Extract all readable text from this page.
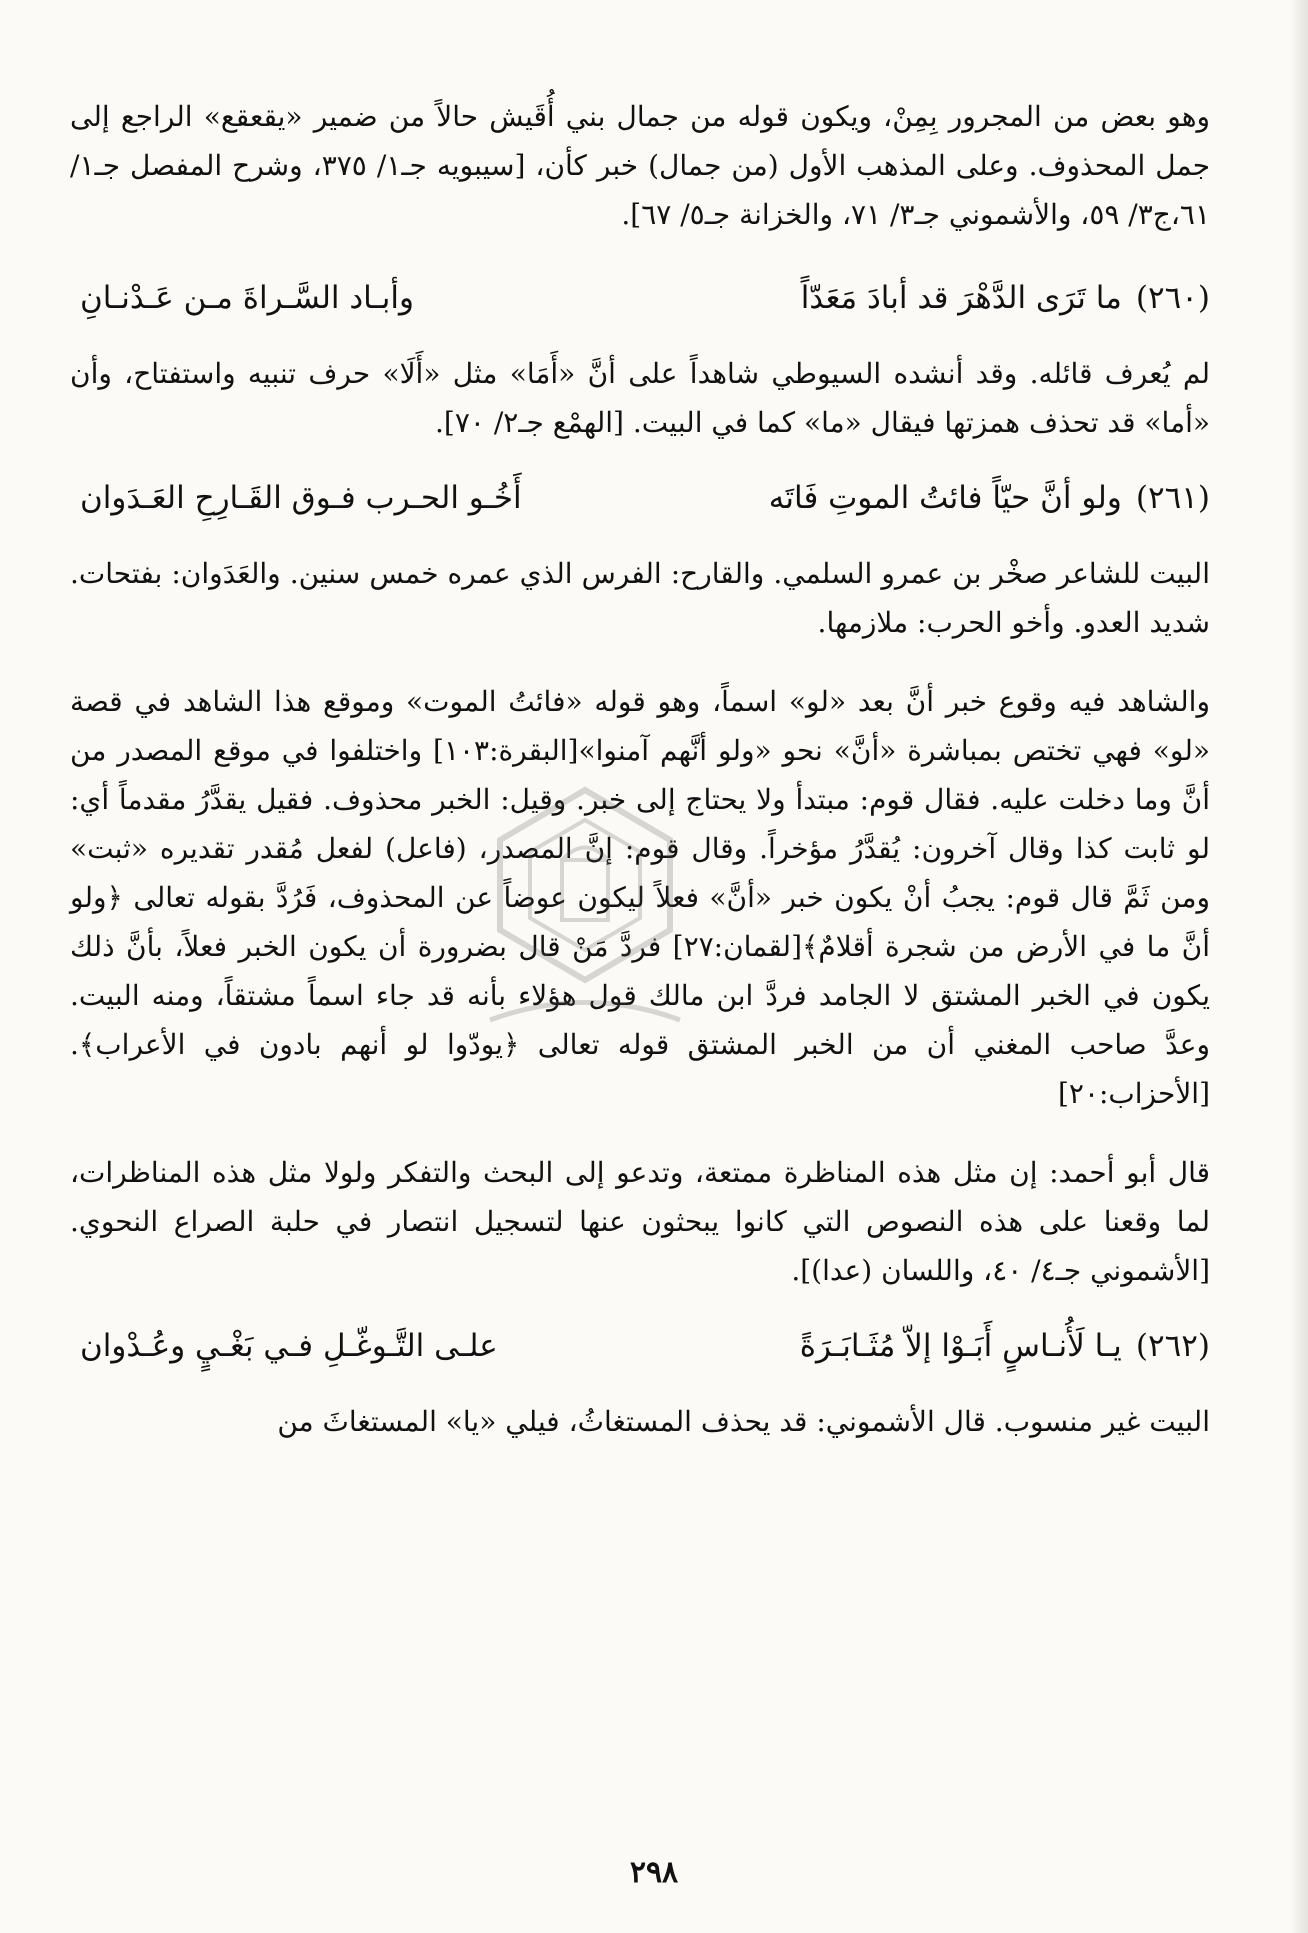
وهو بعض من المجرور بِمِنْ، ويكون قوله من جمال بني أُقَيش حالاً من ضمير «يقعقع» الراجع إلى جمل المحذوف. وعلى المذهب الأول (من جمال) خبر كأن، [سيبويه جـ١/ ٣٧٥، وشرح المفصل جـ١/ ٦١،ج٣/ ٥٩، والأشموني جـ٣/ ٧١، والخزانة جـ٥/ ٦٧].

(٢٦٠)
ما تَرَى الدَّهْرَ قد أبادَ مَعَدّاً
وأبـاد السَّـراةَ مـن عَـدْنـانِ

لم يُعرف قائله. وقد أنشده السيوطي شاهداً على أنَّ «أَمَا» مثل «أَلَا» حرف تنبيه واستفتاح، وأن «أما» قد تحذف همزتها فيقال «ما» كما في البيت. [الهمْع جـ٢/ ٧٠].

(٢٦١)
ولو أنَّ حيّاً فائتُ الموتِ فَاتَه
أَخُـو الحـرب فـوق القَـارِحِ العَـدَوان

البيت للشاعر صخْر بن عمرو السلمي. والقارح: الفرس الذي عمره خمس سنين. والعَدَوان: بفتحات. شديد العدو. وأخو الحرب: ملازمها.

والشاهد فيه وقوع خبر أنَّ بعد «لو» اسماً، وهو قوله «فائتُ الموت» وموقع هذا الشاهد في قصة «لو» فهي تختص بمباشرة «أنَّ» نحو «ولو أنَّهم آمنوا»[البقرة:١٠٣] واختلفوا في موقع المصدر من أنَّ وما دخلت عليه. فقال قوم: مبتدأ ولا يحتاج إلى خبر. وقيل: الخبر محذوف. فقيل يقدَّرُ مقدماً أي: لو ثابت كذا وقال آخرون: يُقدَّرُ مؤخراً. وقال قوم: إنَّ المصدر، (فاعل) لفعل مُقدر تقديره «ثبت» ومن ثَمَّ قال قوم: يجبُ أنْ يكون خبر «أنَّ» فعلاً ليكون عوضاً عن المحذوف، فَرُدَّ بقوله تعالى ﴿ولو أنَّ ما في الأرض من شجرة أقلامٌ﴾[لقمان:٢٧] فردَّ مَنْ قال بضرورة أن يكون الخبر فعلاً، بأنَّ ذلك يكون في الخبر المشتق لا الجامد فردَّ ابن مالك قول هؤلاء بأنه قد جاء اسماً مشتقاً، ومنه البيت. وعدَّ صاحب المغني أن من الخبر المشتق قوله تعالى ﴿يودّوا لو أنهم بادون في الأعراب﴾.[الأحزاب:٢٠]

قال أبو أحمد: إن مثل هذه المناظرة ممتعة، وتدعو إلى البحث والتفكر ولولا مثل هذه المناظرات، لما وقعنا على هذه النصوص التي كانوا يبحثون عنها لتسجيل انتصار في حلبة الصراع النحوي. [الأشموني جـ٤/ ٤٠، واللسان (عدا)].

(٢٦٢)
يـا لَأُنـاسٍ أَبَـوْا إلاّ مُثَـابَـرَةً
علـى التَّـوغّـلِ فـي بَغْـيٍ وعُـدْوان

البيت غير منسوب. قال الأشموني: قد يحذف المستغاثُ، فيلي «يا» المستغاثَ من

٢٩٨
